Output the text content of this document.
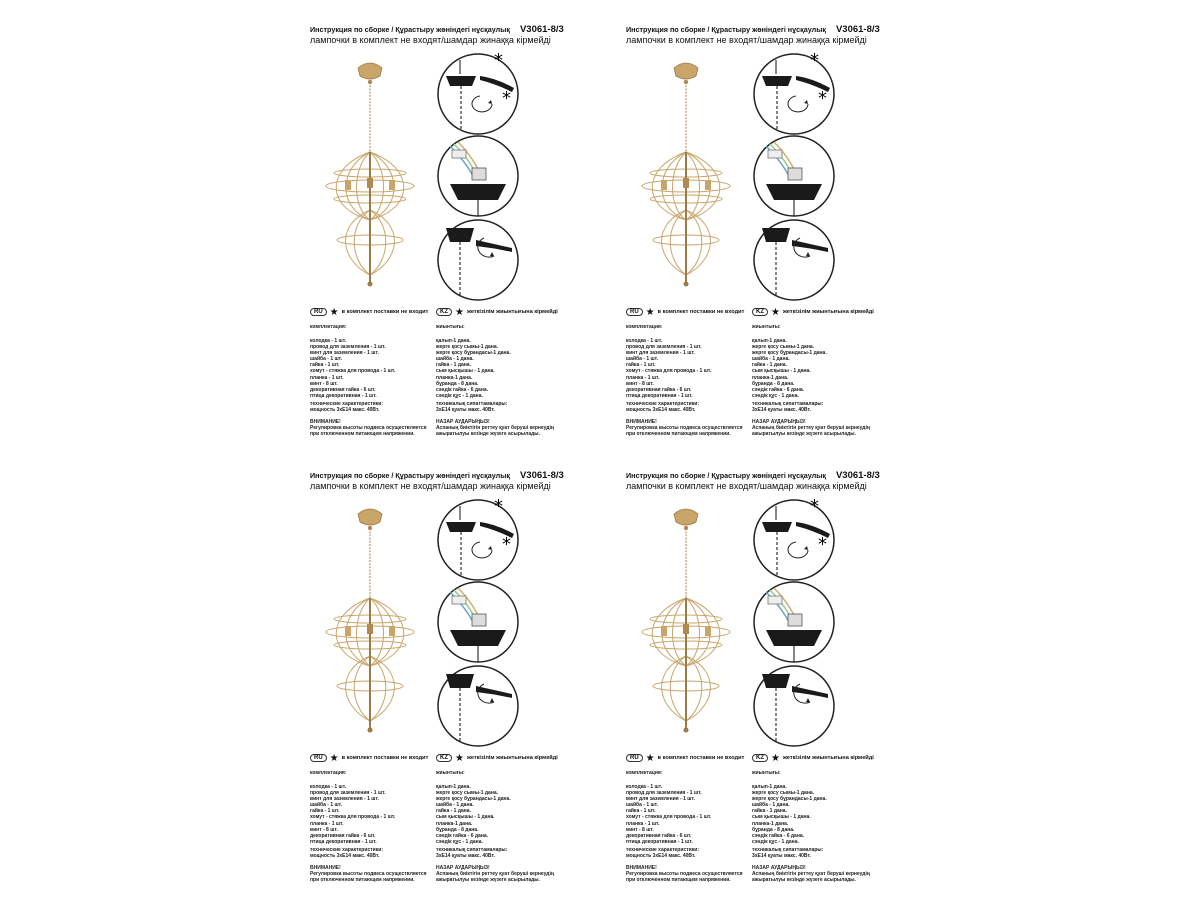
Инструкция по сборке / Құрастыру жөніндегі нұсқаулық V3061-8/3
лампочки в комплект не входят/шамдар жинаққа кірмейді
*
*
RU ★ в комплект поставки не входит	KZ ★ жеткізілім жиынтығына кірмейді
комплектация:
колодка - 1 шт.
провод для заземления - 1 шт.
винт для заземления - 1 шт.
шайба - 1 шт.
гайка - 1 шт.
хомут - стяжка для провода - 1 шт.
планка - 1 шт.
винт - 8 шт.
декоративная гайка - 6 шт.
птица декоративная - 1 шт.
технические характеристики:
мощность 3хЕ14 макс. 40Вт.
ВНИМАНИЕ!
Регулировка высоты подвеса осуществляется
при отключенном питающем напряжении.
жиынтығы:
қалып-1 дана.
жерге қосу сымы-1 дана.
жерге қосу бұрандасы-1 дана.
шайба - 1 дана.
гайка - 1 дана.
сым қысқышы - 1 дана.
планка-1 дана.
бұранда - 8 дана.
сәндік гайка - 6 дана.
сәндік құс - 1 дана.
техникалық сипаттамалары:
3хЕ14 қуаты макс. 40Вт.
НАЗАР АУДАРЫҢЫЗ!
Аспаның биіктігін реттеу қуат беруші кернеудің
ажыратылуы кезінде жүзеге асырылады.
Инструкция по сборке / Құрастыру жөніндегі нұсқаулық V3061-8/3
лампочки в комплект не входят/шамдар жинаққа кірмейді
*
*
RU ★ в комплект поставки не входит	KZ ★ жеткізілім жиынтығына кірмейді
комплектация:
колодка - 1 шт.
провод для заземления - 1 шт.
винт для заземления - 1 шт.
шайба - 1 шт.
гайка - 1 шт.
хомут - стяжка для провода - 1 шт.
планка - 1 шт.
винт - 8 шт.
декоративная гайка - 6 шт.
птица декоративная - 1 шт.
технические характеристики:
мощность 3хЕ14 макс. 40Вт.
ВНИМАНИЕ!
Регулировка высоты подвеса осуществляется
при отключенном питающем напряжении.
жиынтығы:
қалып-1 дана.
жерге қосу сымы-1 дана.
жерге қосу бұрандасы-1 дана.
шайба - 1 дана.
гайка - 1 дана.
сым қысқышы - 1 дана.
планка-1 дана.
бұранда - 8 дана.
сәндік гайка - 6 дана.
сәндік құс - 1 дана.
техникалық сипаттамалары:
3хЕ14 қуаты макс. 40Вт.
НАЗАР АУДАРЫҢЫЗ!
Аспаның биіктігін реттеу қуат беруші кернеудің
ажыратылуы кезінде жүзеге асырылады.
Инструкция по сборке / Құрастыру жөніндегі нұсқаулық V3061-8/3
лампочки в комплект не входят/шамдар жинаққа кірмейді
*
*
RU ★ в комплект поставки не входит	KZ ★ жеткізілім жиынтығына кірмейді
комплектация:
колодка - 1 шт.
провод для заземления - 1 шт.
винт для заземления - 1 шт.
шайба - 1 шт.
гайка - 1 шт.
хомут - стяжка для провода - 1 шт.
планка - 1 шт.
винт - 8 шт.
декоративная гайка - 6 шт.
птица декоративная - 1 шт.
технические характеристики:
мощность 3хЕ14 макс. 40Вт.
ВНИМАНИЕ!
Регулировка высоты подвеса осуществляется
при отключенном питающем напряжении.
жиынтығы:
қалып-1 дана.
жерге қосу сымы-1 дана.
жерге қосу бұрандасы-1 дана.
шайба - 1 дана.
гайка - 1 дана.
сым қысқышы - 1 дана.
планка-1 дана.
бұранда - 8 дана.
сәндік гайка - 6 дана.
сәндік құс - 1 дана.
техникалық сипаттамалары:
3хЕ14 қуаты макс. 40Вт.
НАЗАР АУДАРЫҢЫЗ!
Аспаның биіктігін реттеу қуат беруші кернеудің
ажыратылуы кезінде жүзеге асырылады.
Инструкция по сборке / Құрастыру жөніндегі нұсқаулық V3061-8/3
лампочки в комплект не входят/шамдар жинаққа кірмейді
*
*
RU ★ в комплект поставки не входит	KZ ★ жеткізілім жиынтығына кірмейді
комплектация:
колодка - 1 шт.
провод для заземления - 1 шт.
винт для заземления - 1 шт.
шайба - 1 шт.
гайка - 1 шт.
хомут - стяжка для провода - 1 шт.
планка - 1 шт.
винт - 8 шт.
декоративная гайка - 6 шт.
птица декоративная - 1 шт.
технические характеристики:
мощность 3хЕ14 макс. 40Вт.
ВНИМАНИЕ!
Регулировка высоты подвеса осуществляется
при отключенном питающем напряжении.
жиынтығы:
қалып-1 дана.
жерге қосу сымы-1 дана.
жерге қосу бұрандасы-1 дана.
шайба - 1 дана.
гайка - 1 дана.
сым қысқышы - 1 дана.
планка-1 дана.
бұранда - 8 дана.
сәндік гайка - 6 дана.
сәндік құс - 1 дана.
техникалық сипаттамалары:
3хЕ14 қуаты макс. 40Вт.
НАЗАР АУДАРЫҢЫЗ!
Аспаның биіктігін реттеу қуат беруші кернеудің
ажыратылуы кезінде жүзеге асырылады.
